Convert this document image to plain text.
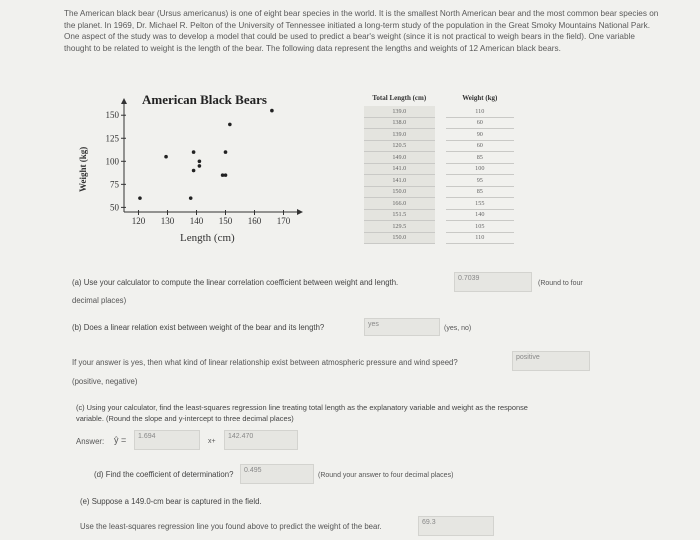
The American black bear (Ursus americanus) is one of eight bear species in the world. It is the smallest North American bear and the most common bear species on the planet. In 1969, Dr. Michael R. Pelton of the University of Tennessee initiated a long-term study of the population in the Great Smoky Mountains National Park. One aspect of the study was to develop a model that could be used to predict a bear's weight (since it is not practical to weigh bears in the field). One variable thought to be related to weight is the length of the bear. The following data represent the lengths and weights of 12 American black bears.

American Black Bears
Weight (kg)
Length (cm)
50
75
100
125
150
120 130 140 150 160 170
Total Length (cm)		Weight (kg)
139.0		110
138.0		60
139.0		90
120.5		60
149.0		85
141.0		100
141.0		95
150.0		85
166.0		155
151.5		140
129.5		105
150.0		110
(a) Use your calculator to compute the linear correlation coefficient between weight and length.	0.7039
(Round to four
decimal places)
(b) Does a linear relation exist between weight of the bear and its length?	yes
(yes, no)
If your answer is yes, then what kind of linear relationship exist between atmospheric pressure and wind speed?
positive
(positive, negative)
(c) Using your calculator, find the least-squares regression line treating total length as the explanatory variable and weight as the response
variable. (Round the slope and y-intercept to three decimal places)
Answer: ŷ =	1.694
x+
142.470
(d) Find the coefficient of determination?	0.495
(Round your answer to four decimal places)
(e) Suppose a 149.0-cm bear is captured in the field.
Use the least-squares regression line you found above to predict the weight of the bear.	69.3
